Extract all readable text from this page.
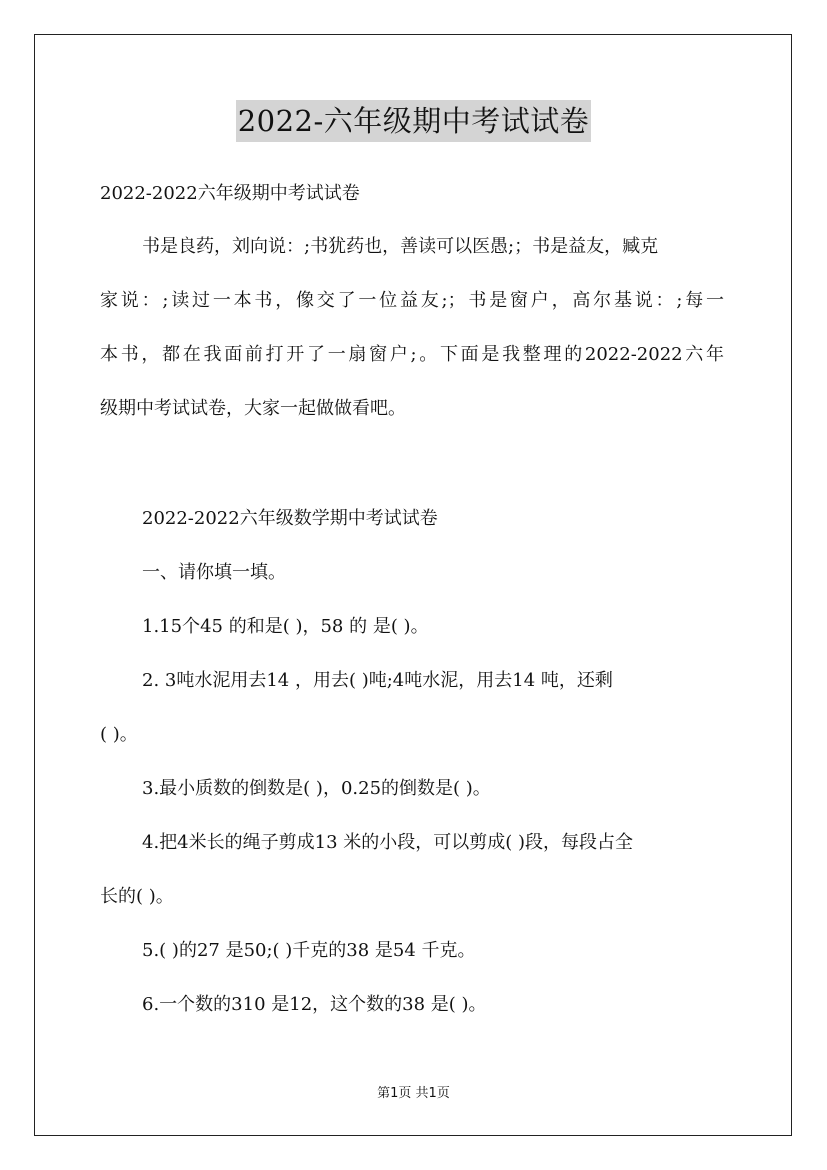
2022-六年级期中考试试卷
2022-2022六年级期中考试试卷
书是良药，刘向说：;书犹药也，善读可以医愚;；书是益友，臧克
家说：;读过一本书，像交了一位益友;；书是窗户，高尔基说：;每一
本书，都在我面前打开了一扇窗户;。下面是我整理的2022-2022六年
级期中考试试卷，大家一起做做看吧。
2022-2022六年级数学期中考试试卷
一、请你填一填。
1.15个45 的和是( )，58 的 是( )。
2. 3吨水泥用去14 ，用去( )吨;4吨水泥，用去14 吨，还剩
( )。
3.最小质数的倒数是( )，0.25的倒数是( )。
4.把4米长的绳子剪成13 米的小段，可以剪成( )段，每段占全
长的( )。
5.( )的27 是50;( )千克的38 是54 千克。
6.一个数的310 是12，这个数的38 是( )。
第1页 共1页
